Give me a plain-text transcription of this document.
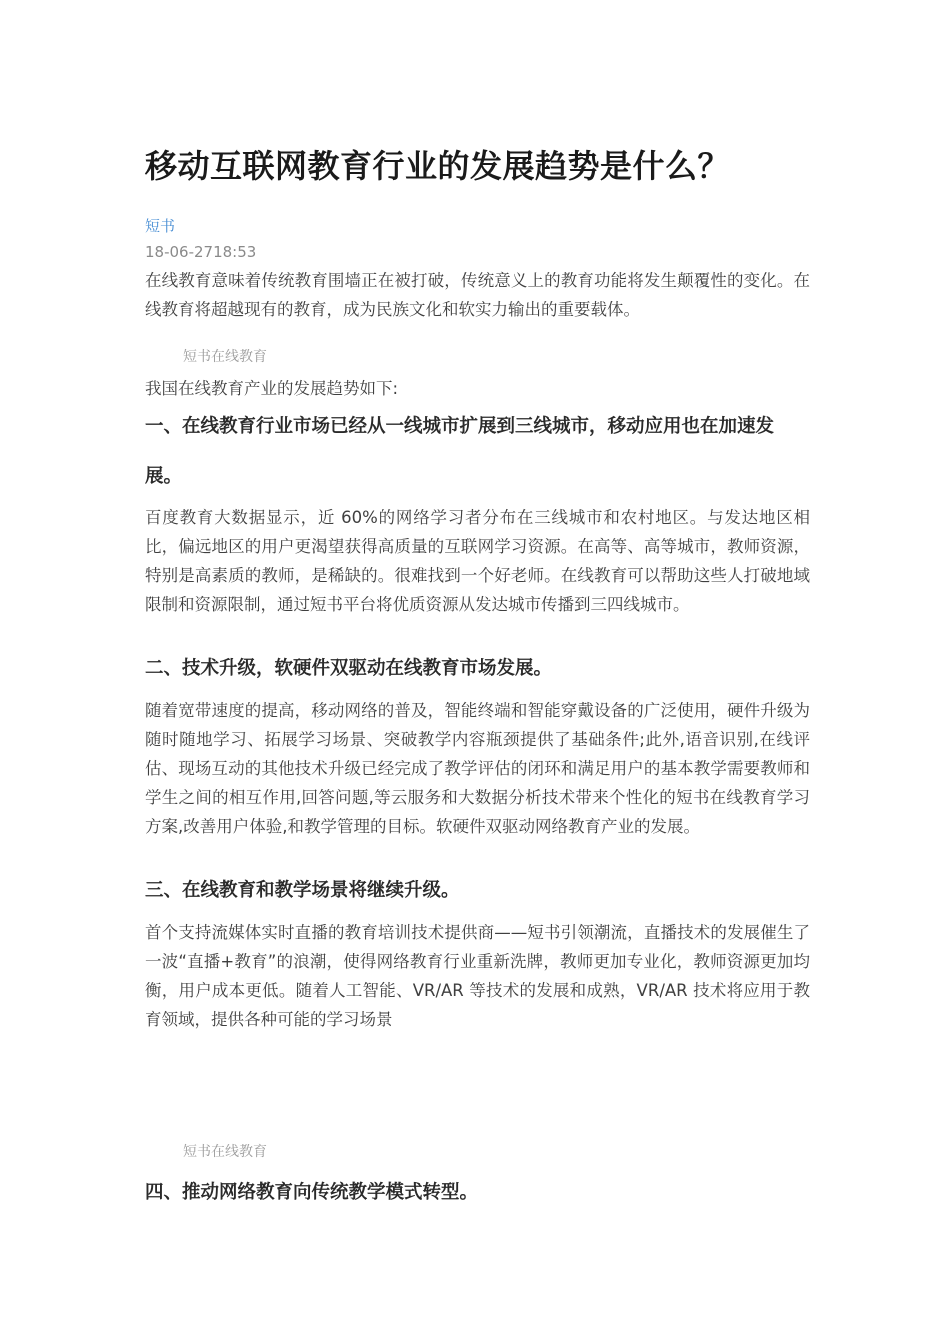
移动互联网教育行业的发展趋势是什么？
短书
18-06-2718:53

在线教育意味着传统教育围墙正在被打破，传统意义上的教育功能将发生颠覆性的变化。在线教育将超越现有的教育，成为民族文化和软实力输出的重要载体。

短书在线教育

我国在线教育产业的发展趋势如下:

一、在线教育行业市场已经从一线城市扩展到三线城市，移动应用也在加速发展。

百度教育大数据显示，近 60%的网络学习者分布在三线城市和农村地区。与发达地区相比，偏远地区的用户更渴望获得高质量的互联网学习资源。在高等、高等城市，教师资源，特别是高素质的教师，是稀缺的。很难找到一个好老师。在线教育可以帮助这些人打破地域限制和资源限制，通过短书平台将优质资源从发达城市传播到三四线城市。

二、技术升级，软硬件双驱动在线教育市场发展。

随着宽带速度的提高，移动网络的普及，智能终端和智能穿戴设备的广泛使用，硬件升级为随时随地学习、拓展学习场景、突破教学内容瓶颈提供了基础条件;此外,语音识别,在线评估、现场互动的其他技术升级已经完成了教学评估的闭环和满足用户的基本教学需要教师和学生之间的相互作用,回答问题,等云服务和大数据分析技术带来个性化的短书在线教育学习方案,改善用户体验,和教学管理的目标。软硬件双驱动网络教育产业的发展。

三、在线教育和教学场景将继续升级。

首个支持流媒体实时直播的教育培训技术提供商——短书引领潮流，直播技术的发展催生了一波“直播+教育”的浪潮，使得网络教育行业重新洗牌，教师更加专业化，教师资源更加均衡，用户成本更低。随着人工智能、VR/AR 等技术的发展和成熟，VR/AR 技术将应用于教育领域，提供各种可能的学习场景

短书在线教育
四、推动网络教育向传统教学模式转型。
